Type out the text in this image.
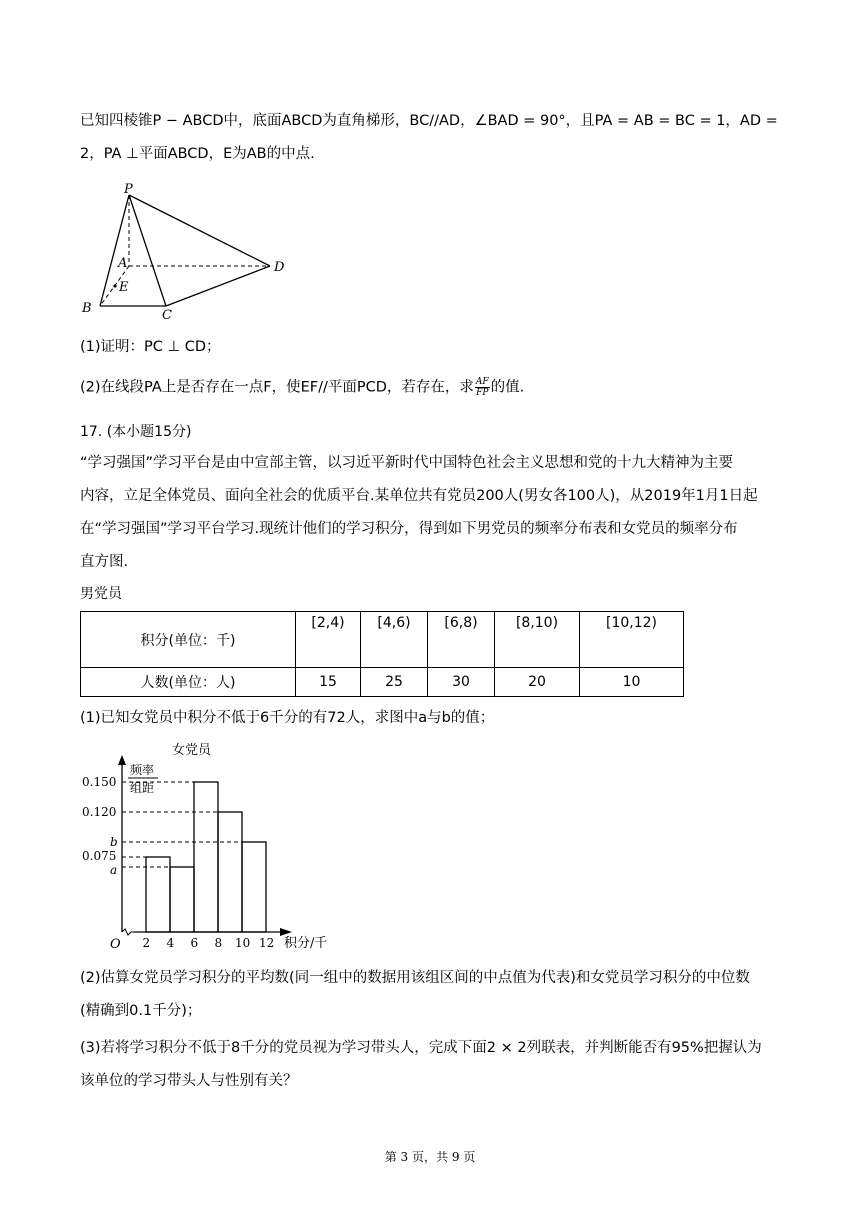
已知四棱锥P − ABCD中，底面ABCD为直角梯形，BC//AD，∠BAD = 90°，且PA = AB = BC = 1，AD =
2，PA ⊥平面ABCD，E为AB的中点.
P
A
B	C
D
E
(1)证明：PC ⊥ CD；
(2)在线段PA上是否存在一点F，使EF//平面PCD，若存在，求 $\frac{AF}{FP}$ 的值.
17. (本小题15分)
“学习强国”学习平台是由中宣部主管，以习近平新时代中国特色社会主义思想和党的十九大精神为主要
内容，立足全体党员、面向全社会的优质平台.某单位共有党员200人(男女各100人)，从2019年1月1日起
在“学习强国”学习平台学习.现统计他们的学习积分，得到如下男党员的频率分布表和女党员的频率分布
直方图.
男党员
积分(单位：千)	[2,4)	[4,6)	[6,8)	[8,10)	[10,12)

人数(单位：人)	15	25	30	20	10
(1)已知女党员中积分不低于6千分的有72人，求图中a与b的值；
女党员
频率
组距
0.150
0.120
b
0.075
a
2 4 6 8 10 12
O	积分/千
(2)估算女党员学习积分的平均数(同一组中的数据用该组区间的中点值为代表)和女党员学习积分的中位数
(精确到0.1千分)；
(3)若将学习积分不低于8千分的党员视为学习带头人，完成下面2 × 2列联表，并判断能否有95%把握认为
该单位的学习带头人与性别有关？
第 3 页，共 9 页
